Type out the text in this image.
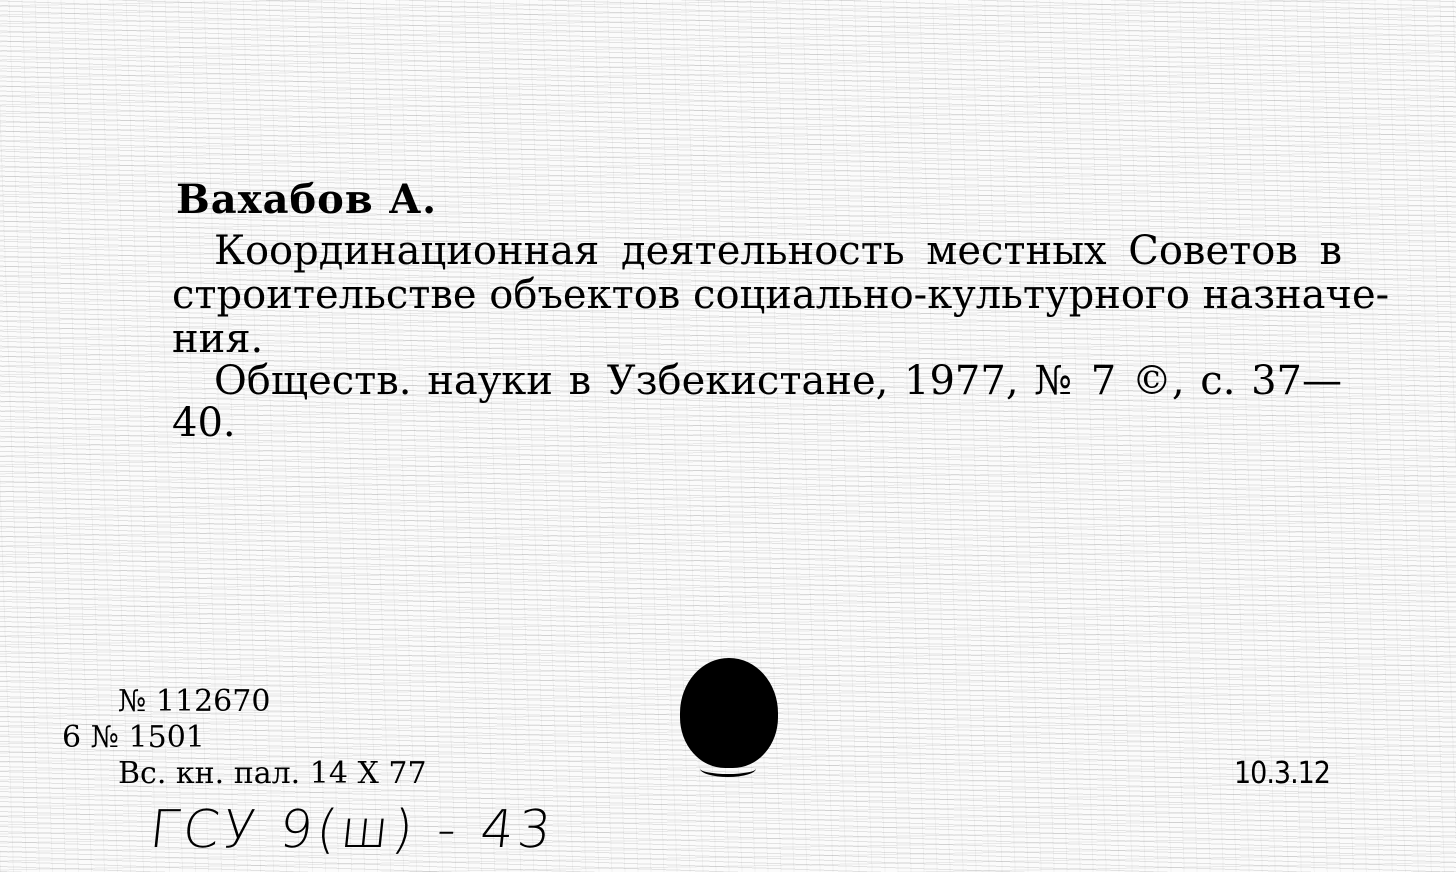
Вахабов А.
Координационная деятельность местных Советов в
строительстве объектов социально-культурного назначе-
ния.
Обществ. науки в Узбекистане, 1977, № 7 ©, с. 37—
40.
№ 112670
6 № 1501
Вс. кн. пал. 14 X 77	10.3.12
ГСУ 9(ш) - 43
